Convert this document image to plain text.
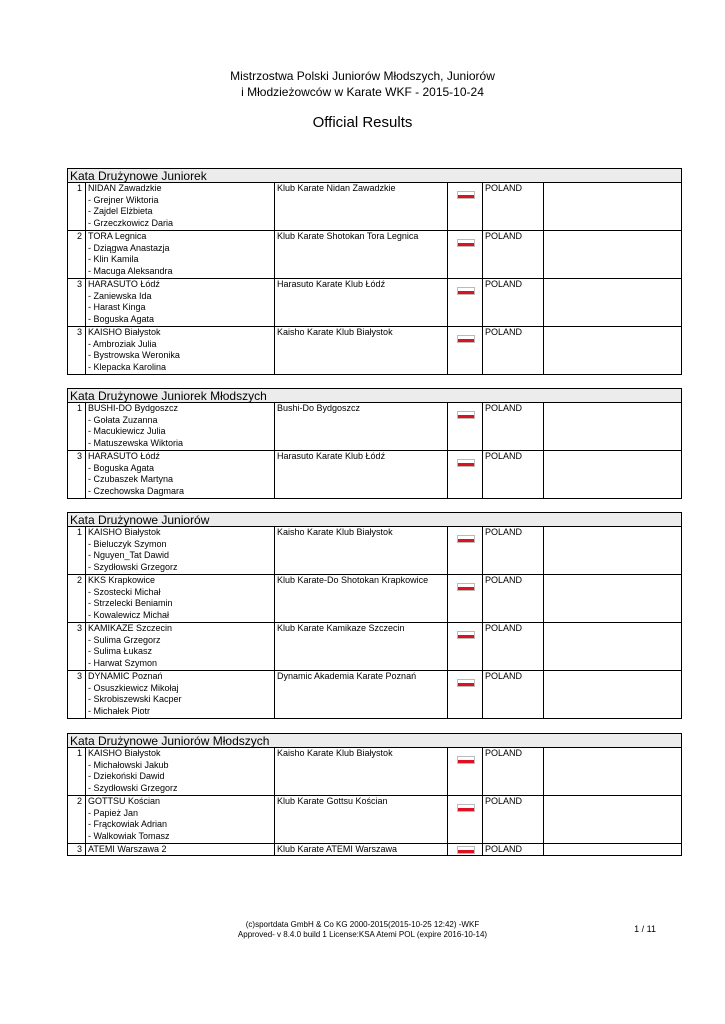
Mistrzostwa Polski Juniorów Młodszych, Juniorów
i Młodzieżowców w Karate WKF - 2015-10-24
Official Results
Kata Drużynowe Juniorek
1 NIDAN Zawadzkie
- Grejner Wiktoria
- Zajdel Elżbieta
- Grzeczkowicz Daria
Klub Karate Nidan Zawadzkie	POLAND
2 TORA Legnica
- Dziągwa Anastazja
- Klin Kamila
- Macuga Aleksandra
Klub Karate Shotokan Tora Legnica	POLAND
3 HARASUTO Łódź
- Zaniewska Ida
- Harast Kinga
- Boguska Agata
Harasuto Karate Klub Łódź	POLAND
3 KAISHO Białystok
- Ambroziak Julia
- Bystrowska Weronika
- Klepacka Karolina
Kaisho Karate Klub Białystok	POLAND
Kata Drużynowe Juniorek Młodszych
1 BUSHI-DO Bydgoszcz
- Gołata Zuzanna
- Macukiewicz Julia
- Matuszewska Wiktoria
Bushi-Do Bydgoszcz	POLAND
3 HARASUTO Łódź
- Boguska Agata
- Czubaszek Martyna
- Czechowska Dagmara
Harasuto Karate Klub Łódź	POLAND
Kata Drużynowe Juniorów
1 KAISHO Białystok
- Bieluczyk Szymon
- Nguyen_Tat Dawid
- Szydłowski Grzegorz
Kaisho Karate Klub Białystok	POLAND
2 KKS Krapkowice
- Szostecki Michał
- Strzelecki Beniamin
- Kowalewicz Michał
Klub Karate-Do Shotokan Krapkowice	POLAND
3 KAMIKAZE Szczecin
- Sulima Grzegorz
- Sulima Łukasz
- Harwat Szymon
Klub Karate Kamikaze Szczecin	POLAND
3 DYNAMIC Poznań
- Osuszkiewicz Mikołaj
- Skrobiszewski Kacper
- Michałek Piotr
Dynamic Akademia Karate Poznań	POLAND
Kata Drużynowe Juniorów Młodszych
1 KAISHO Białystok
- Michałowski Jakub
- Dziekoński Dawid
- Szydłowski Grzegorz
Kaisho Karate Klub Białystok	POLAND
2 GOTTSU Kościan
- Papież Jan
- Frąckowiak Adrian
- Walkowiak Tomasz
Klub Karate Gottsu Kościan	POLAND
3 ATEMI Warszawa 2	Klub Karate ATEMI Warszawa	POLAND
(c)sportdata GmbH & Co KG 2000-2015(2015-10-25 12:42) -WKF
Approved- v 8.4.0 build 1 License:KSA Atemi POL (expire 2016-10-14)
1 / 11
